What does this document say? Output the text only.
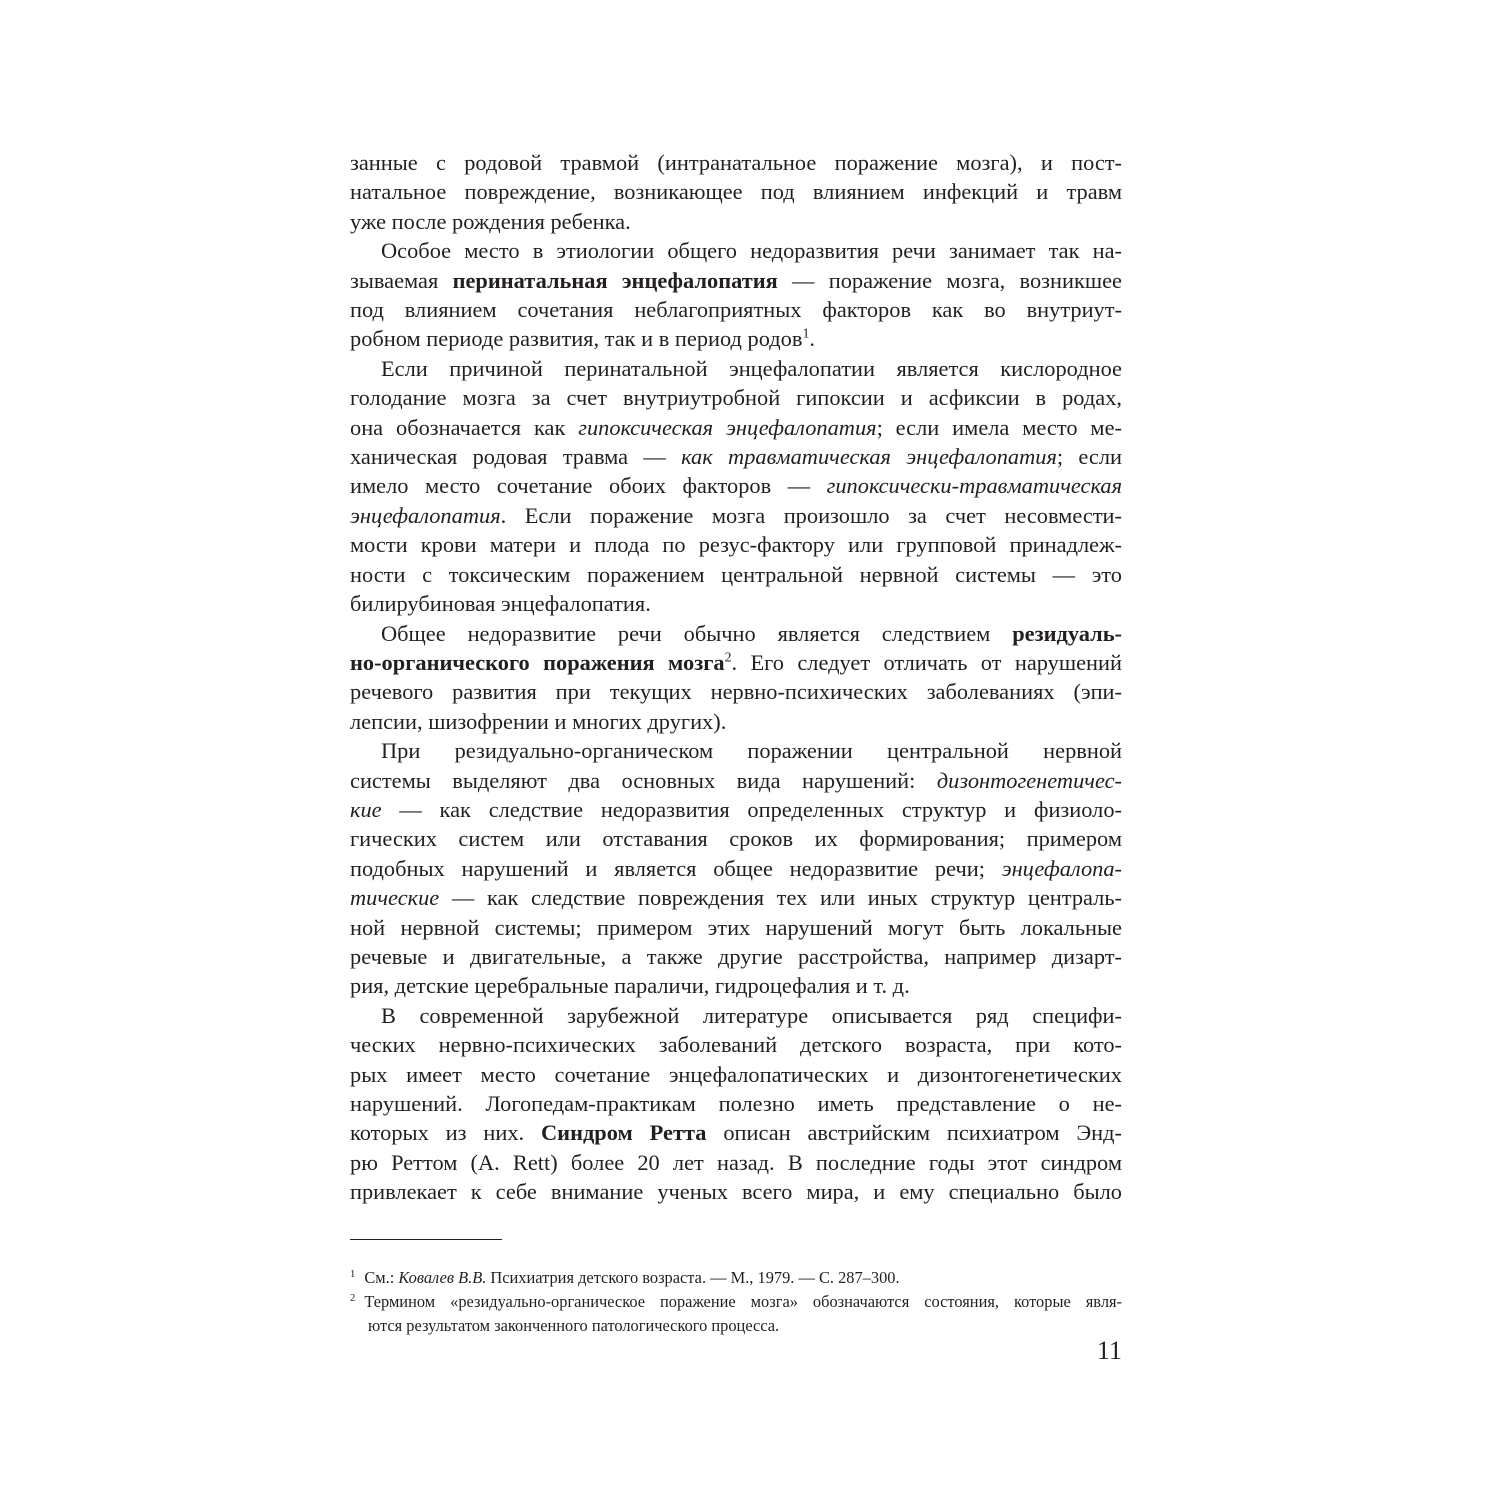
занные с родовой травмой (интранатальное поражение мозга), и пост-
натальное повреждение, возникающее под влиянием инфекций и травм
уже после рождения ребенка.
Особое место в этиологии общего недоразвития речи занимает так на-
зываемая перинатальная энцефалопатия — поражение мозга, возникшее
под влиянием сочетания неблагоприятных факторов как во внутриут-
робном периоде развития, так и в период родов$^1$.
Если причиной перинатальной энцефалопатии является кислородное
голодание мозга за счет внутриутробной гипоксии и асфиксии в родах,
она обозначается как гипоксическая энцефалопатия; если имела место ме-
ханическая родовая травма — как травматическая энцефалопатия; если
имело место сочетание обоих факторов — гипоксически-травматическая
энцефалопатия. Если поражение мозга произошло за счет несовмести-
мости крови матери и плода по резус-фактору или групповой принадлеж-
ности с токсическим поражением центральной нервной системы — это
билирубиновая энцефалопатия.
Общее недоразвитие речи обычно является следствием резидуаль-
но-органического поражения мозга$^2$. Его следует отличать от нарушений
речевого развития при текущих нервно-психических заболеваниях (эпи-
лепсии, шизофрении и многих других).
При резидуально-органическом поражении центральной нервной
системы выделяют два основных вида нарушений: дизонтогенетичес-
кие — как следствие недоразвития определенных структур и физиоло-
гических систем или отставания сроков их формирования; примером
подобных нарушений и является общее недоразвитие речи; энцефалопа-
тические — как следствие повреждения тех или иных структур централь-
ной нервной системы; примером этих нарушений могут быть локальные
речевые и двигательные, а также другие расстройства, например дизарт-
рия, детские церебральные параличи, гидроцефалия и т. д.
В современной зарубежной литературе описывается ряд специфи-
ческих нервно-психических заболеваний детского возраста, при кото-
рых имеет место сочетание энцефалопатических и дизонтогенетических
нарушений. Логопедам-практикам полезно иметь представление о не-
которых из них. Синдром Ретта описан австрийским психиатром Энд-
рю Реттом (A. Rett) более 20 лет назад. В последние годы этот синдром
привлекает к себе внимание ученых всего мира, и ему специально было
$^1$ См.: Ковалев В.В. Психиатрия детского возраста. — М., 1979. — С. 287–300.
$^2$ Термином «резидуально-органическое поражение мозга» обозначаются состояния, которые явля-
ются результатом законченного патологического процесса.
11
